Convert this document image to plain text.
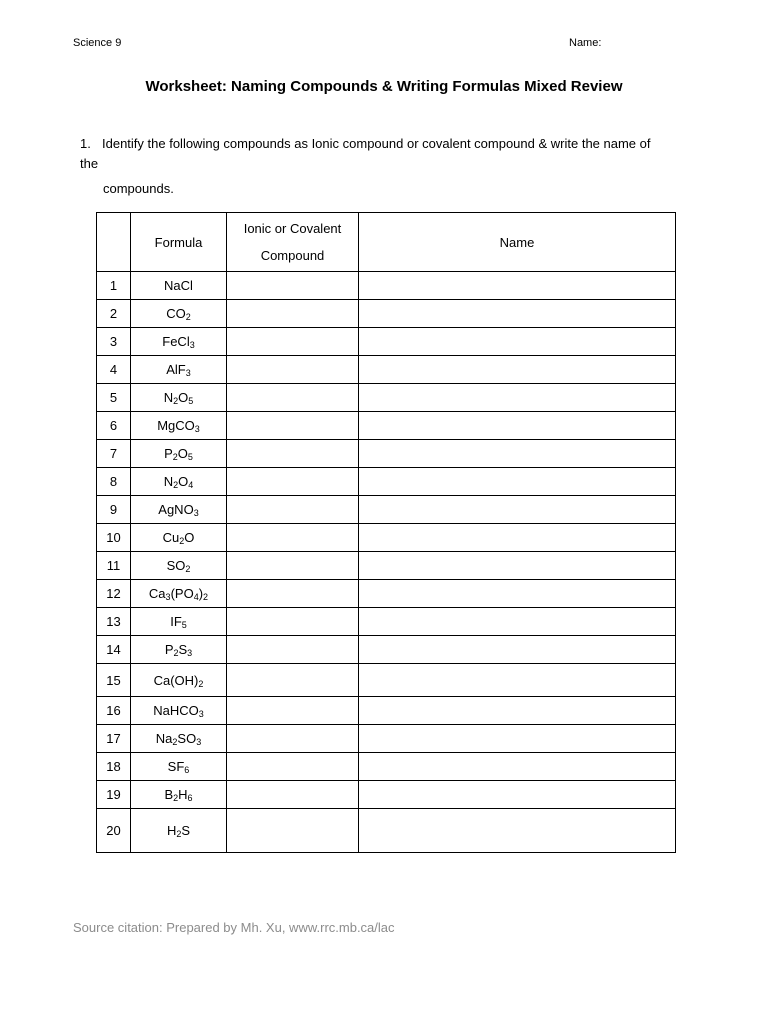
Science 9	Name:
Worksheet: Naming Compounds & Writing Formulas Mixed Review
1. Identify the following compounds as Ionic compound or covalent compound & write the name of
the
compounds.
	Formula	Ionic or Covalent
Compound	Name
1	NaCl		
2	$CO_2$		
3	FeCl$_3$		
4	AlF$_3$		
5	$N_2O_5$		
6	MgCO$_3$		
7	$P_2O_5$		
8	$N_2O_4$		
9	AgNO$_3$		
10	$Cu_2O$		
11	$SO_2$		
12	$Ca_3(PO_4)_2$		
13	$IF_5$		
14	$P_2S_3$		
15	$Ca(OH)_2$		
16	NaHCO$_3$		
17	$Na_2SO_3$		
18	$SF_6$		
19	$B_2H_6$		
20	$H_2S$		
Source citation: Prepared by Mh. Xu, www.rrc.mb.ca/lac
